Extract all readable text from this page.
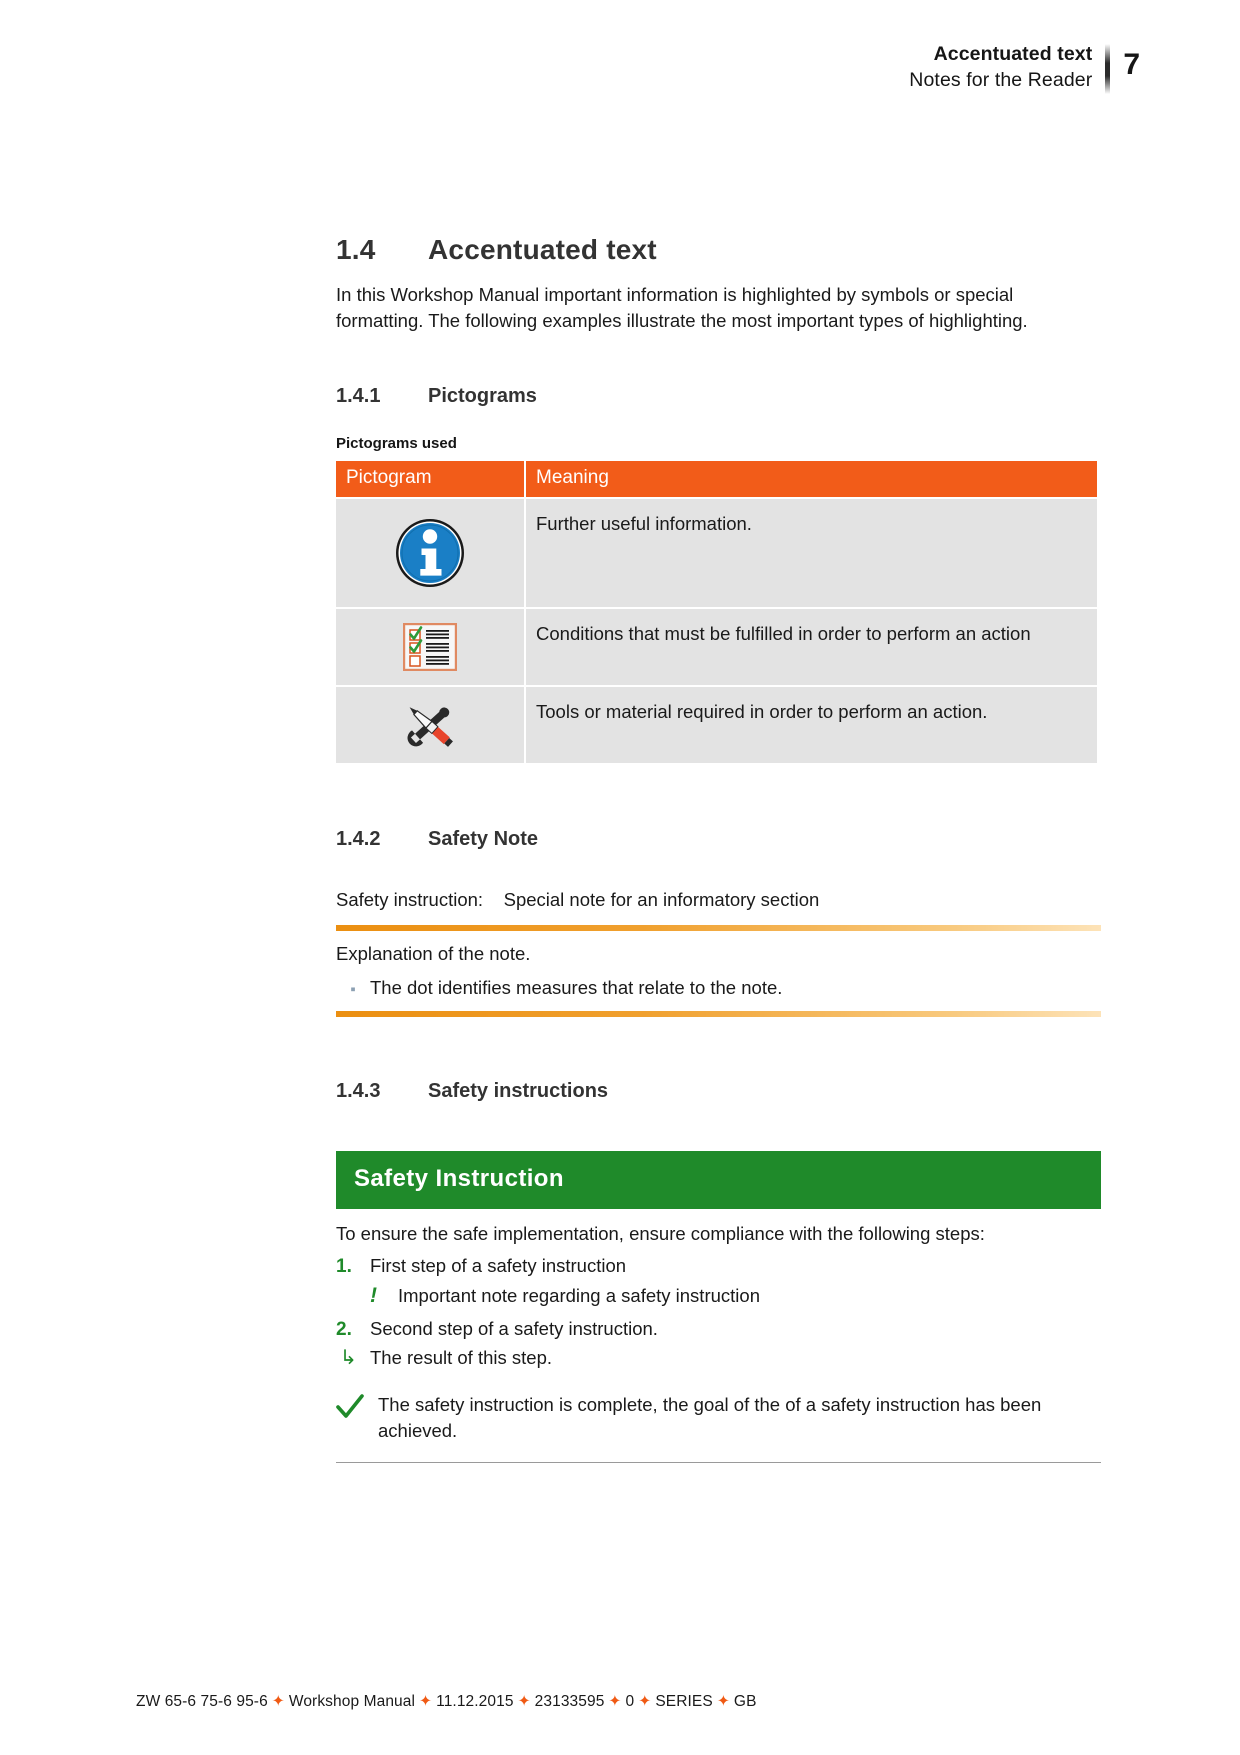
Accentuated text
Notes for the Reader 7
1.4	Accentuated text
In this Workshop Manual important information is highlighted by symbols or special formatting. The following examples illustrate the most important types of highlighting.
1.4.1	Pictograms
Pictograms used
Pictogram	Meaning

	Further useful information.

	Conditions that must be fulfilled in order to perform an action

	Tools or material required in order to perform an action.
1.4.2	Safety Note
Safety instruction: Special note for an informatory section
Explanation of the note.
▪ The dot identifies measures that relate to the note.
1.4.3	Safety instructions
Safety Instruction
To ensure the safe implementation, ensure compliance with the following steps:
1. First step of a safety instruction
!	Important note regarding a safety instruction
2. Second step of a safety instruction.
↳ The result of this step.
The safety instruction is complete, the goal of the of a safety instruction has been achieved.
ZW 65-6 75-6 95-6 ✦ Workshop Manual ✦ 11.12.2015 ✦ 23133595 ✦ 0 ✦ SERIES ✦ GB
